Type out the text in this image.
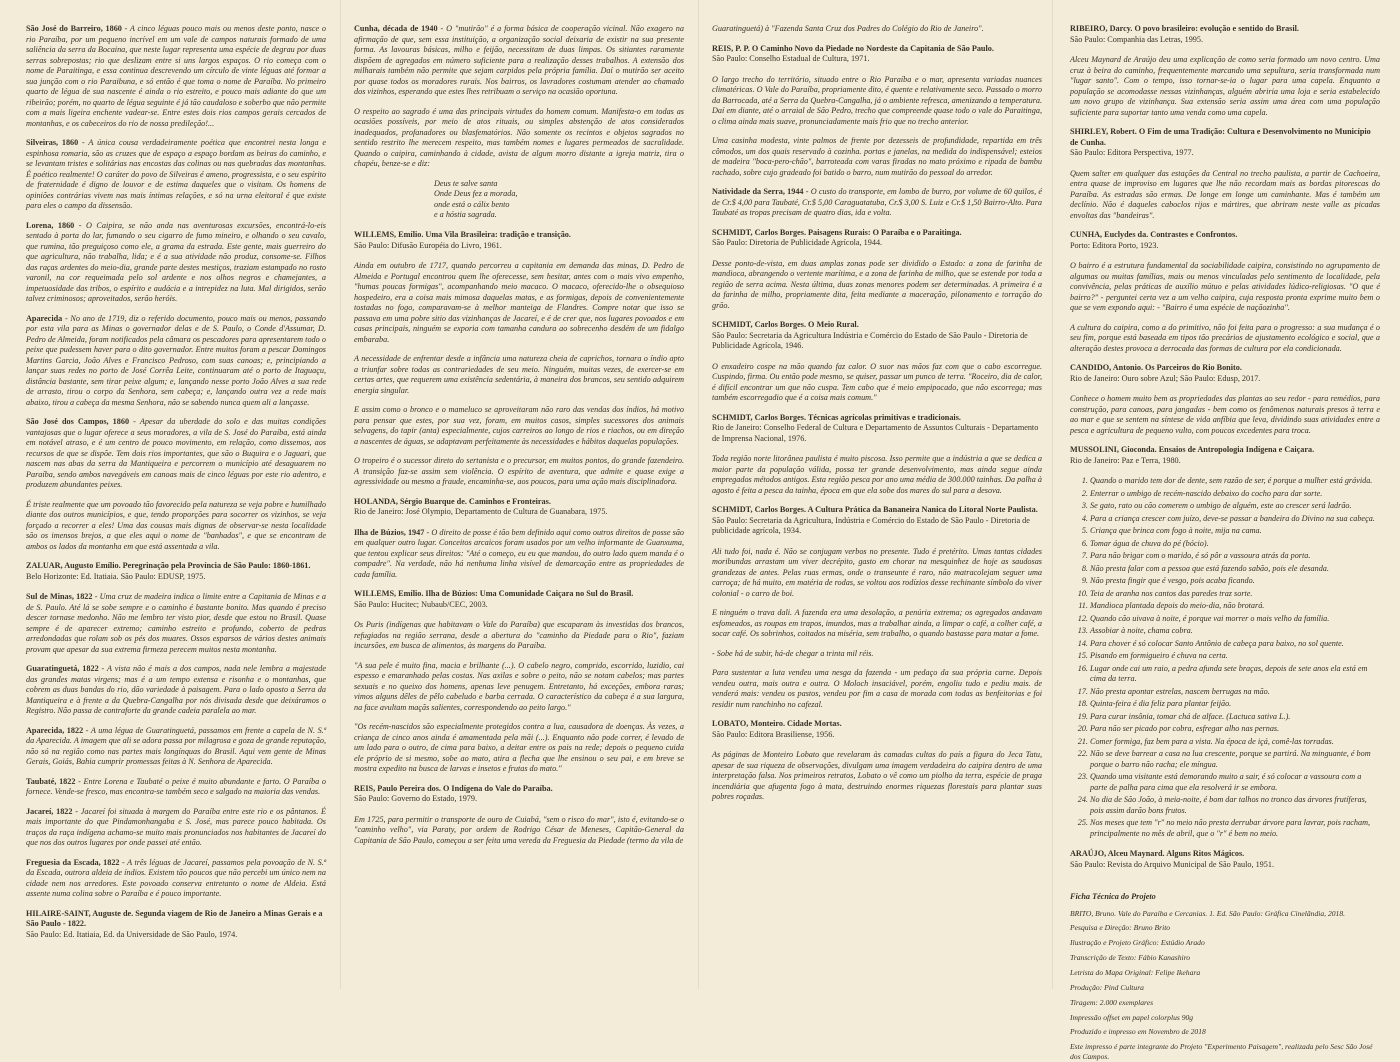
São José do Barreiro, 1860 - A cinco léguas pouco mais ou menos deste ponto, nasce o rio Paraíba, por um pequeno incrível em um vale de campos naturais formado de uma saliência da serra da Bocaina, que neste lugar representa uma espécie de degrau por duas serras sobrepostas; rio que deslizam entre si uns largos espaços. O rio começa com o nome de Paraitinga, e essa continua descrevendo um círculo de vinte léguas até formar a sua junção com o rio Paraibuna, e só então é que toma o nome de Paraíba. No primeiro quarto de légua de sua nascente é ainda o rio estreito, e pouco mais adiante do que um ribeirão; porém, no quarto de légua seguinte é já tão caudaloso e soberbo que não permite com a mais ligeira enchente vadear-se. Entre estes dois rios campos gerais cercados de montanhas, e os cabeceiros do rio de nossa predileção!...

Silveiras, 1860 - A única cousa verdadeiramente poética que encontrei nesta longa e espinhosa romaria, são as cruzes que de espaço a espaço bordam as beiras do caminho, e se levantam tristes e solitárias nas encostas das colinas ou nas quebradas das montanhas. É poético realmente! O caráter do povo de Silveiras é ameno, progressista, e o seu espírito de fraternidade é digno de louvor e de estima daqueles que o visitam. Os homens de opiniões contrárias vivem nas mais íntimas relações, e só na urna eleitoral é que existe para eles o campo da dissensão.

Lorena, 1860 - O Caipira, se não anda nas aventurosas excursões, encontrá-lo-eis sentado à porta do lar, fumando o seu cigarro de fumo mineiro, e olhando o seu cavalo, que rumina, tão preguiçoso como ele, a grama da estrada. Este gente, mais guerreiro do que agricultura, não trabalha, lida; e é a sua atividade não produz, consome-se. Filhos das raças ardentes do meio-dia, grande parte destes mestiços, traziam estampado no rosto varonil, na cor requeimada pelo sol ardente e nos olhos negros e chamejantes, a impetuosidade das tribos, o espírito e audácia e a intrepidez na luta. Mal dirigidos, serão talvez criminosos; aproveitados, serão heróis.

Aparecida - No ano de 1719, diz o referido documento, pouco mais ou menos, passando por esta vila para as Minas o governador delas e de S. Paulo, o Conde d'Assumar, D. Pedro de Almeida, foram notificados pela câmara os pescadores para apresentarem todo o peixe que pudessem haver para o dito governador. Entre muitos foram a pescar Domingos Martins Garcia, João Alves e Francisco Pedroso, com suas canoas; e, principiando a lançar suas redes no porto de José Corrêa Leite, continuaram até o porto de Itaguaçu, distância bastante, sem tirar peixe algum; e, lançando nesse porto João Alves a sua rede de arrasto, tirou o corpo da Senhora, sem cabeça; e, lançando outra vez a rede mais abaixo, tirou a cabeça da mesma Senhora, não se sabendo nunca quem ali a lançasse.

São José dos Campos, 1860 - Apesar da uberdade do solo e das muitas condições vantajosas que o lugar oferece a seus moradores, a vila de S. José do Paraíba, está ainda em notável atraso, e é um centro de pouco movimento, em relação, como dissemos, aos recursos de que se dispõe. Tem dois rios importantes, que são o Buquira e o Jaguari, que nascem nas abas da serra da Mantiqueira e percorrem o município até desaguarem no Paraíba, sendo ambos navegáveis em canoas mais de cinco léguas por este rio adentro, e produzem abundantes peixes.

É triste realmente que um povoado tão favorecido pela natureza se veja pobre e humilhado diante dos outros municípios, e que, tendo proporções para socorrer os vizinhos, se veja forçado a recorrer a eles! Uma das cousas mais dignas de observar-se nesta localidade são os imensos brejos, a que eles aqui o nome de "banhados", e que se encontram de ambos os lados da montanha em que está assentada a vila.

ZALUAR, Augusto Emílio. Peregrinação pela Província de São Paulo: 1860-1861.
Belo Horizonte: Ed. Itatiaia. São Paulo: EDUSP, 1975.

Sul de Minas, 1822 - Uma cruz de madeira indica o limite entre a Capitania de Minas e a de S. Paulo. Até lá se sobe sempre e o caminho é bastante bonito. Mas quando é preciso descer tornase medonho. Não me lembro ter visto pior, desde que estou no Brasil. Quase sempre é de aparecer extremo; caminho estreito e profundo, coberto de pedras arredondadas que rolam sob os pés dos muares. Ossos esparsos de vários destes animais provam que apesar da sua extrema firmeza perecem muitos nesta montanha.

Guaratinguetá, 1822 - A vista não é mais a dos campos, nada nele lembra a majestade das grandes matas virgens; mas é a um tempo extensa e risonha e o montanhas, que cobrem as duas bandas do rio, dão variedade à paisagem. Para o lado oposto a Serra da Mantiqueira e à frente a da Quebra-Cangalha por nós divisada desde que deixáramos o Registro. Não passa de contraforte da grande cadeia paralela ao mar.

Aparecida, 1822 - A uma légua de Guaratinguetá, passamos em frente a capela de N. S.ª da Aparecida. A imagem que ali se adora passa por milagrosa e goza de grande reputação, não só na região como nas partes mais longínquas do Brasil. Aqui vem gente de Minas Gerais, Goiás, Bahia cumprir promessas feitas à N. Senhora de Aparecida.

Taubaté, 1822 - Entre Lorena e Taubaté o peixe é muito abundante e farto. O Paraíba o fornece. Vende-se fresco, mas encontra-se também seco e salgado na maioria das vendas.

Jacareí, 1822 - Jacareí foi situada à margem do Paraíba entre este rio e os pântanos. É mais importante do que Pindamonhangaba e S. José, mas parece pouco habitada. Os traços da raça indígena achamo-se muito mais pronunciados nos habitantes de Jacareí do que nos dos outros lugares por onde passei até então.

Freguesia da Escada, 1822 - A três léguas de Jacareí, passamos pela povoação de N. S.ª da Escada, outrora aldeia de índios. Existem tão poucos que não percebi um único nem na cidade nem nos arredores. Este povoado conserva entretanto o nome de Aldeia. Está assente numa colina sobre o Paraíba e é pouco importante.

HILAIRE-SAINT, Auguste de. Segunda viagem de Rio de Janeiro a Minas Gerais e a São Paulo - 1822.
São Paulo: Ed. Itatiaia, Ed. da Universidade de São Paulo, 1974.

Cunha, década de 1940 - O "mutirão" é a forma básica de cooperação vicinal. Não exagero na afirmação de que, sem essa instituição, a organização social deixaria de existir na sua presente forma. As lavouras básicas, milho e feijão, necessitam de duas limpas. Os sitiantes raramente dispõem de agregados em número suficiente para a realização desses trabalhos. A extensão dos milharais também não permite que sejam carpidos pela própria família. Daí o mutirão ser aceito por quase todos os moradores rurais. Nos bairros, os lavradores costumam atender ao chamado dos vizinhos, esperando que estes lhes retribuam o serviço na ocasião oportuna.

O respeito ao sagrado é uma das principais virtudes do homem comum. Manifesta-o em todas as ocasiões possíveis, por meio de atos rituais, ou simples abstenção de atos considerados inadequados, profanadores ou blasfematórios. Não somente os recintos e objetos sagrados no sentido restrito lhe merecem respeito, mas também nomes e lugares permeados de sacralidade. Quando o caipira, caminhando à cidade, avista de algum morro distante a igreja matriz, tira o chapéu, benze-se e diz:

Deus te salve santa
Onde Deus fez a morada,
onde está o cálix bento
e a hóstia sagrada.
WILLEMS, Emílio. Uma Vila Brasileira: tradição e transição.
São Paulo: Difusão Européia do Livro, 1961.

Ainda em outubro de 1717, quando percorreu a capitania em demanda das minas, D. Pedro de Almeida e Portugal encontrou quem lhe oferecesse, sem hesitar, antes com o mais vivo empenho, "humas poucas formigas", acompanhando meio macaco. O macaco, oferecido-lhe o obsequioso hospedeiro, era a coisa mais mimosa daquelas matas, e as formigas, depois de convenientemente tostadas no fogo, comparavam-se à melhor manteiga de Flandres. Compre notar que isso se passava em uma pobre sitio das vizinhanças de Jacareí, e é de crer que, nos lugares povoados e em casas principais, ninguém se exporia com tamanha candura ao sobrecenho desdém de um fidalgo embaraba.

A necessidade de enfrentar desde a infância uma natureza cheia de caprichos, tornara o índio apto a triunfar sobre todas as contrariedades de seu meio. Ninguém, muitas vezes, de exercer-se em certas artes, que requerem uma existência sedentária, à maneira dos brancos, seu sentido adquirem energia singular.

E assim como o bronco e o mameluco se aproveitaram não raro das vendas dos índios, há motivo para pensar que estes, por sua vez, foram, em muitos casos, simples sucessores dos animais selvagens, do tapir (anta) especialmente, cujos carreiros ao longo de rios e riachos, ou em direção a nascentes de águas, se adaptavam perfeitamente às necessidades e hábitos daquelas populações.

O tropeiro é o sucessor direto do sertanista e o precursor, em muitos pontos, do grande fazendeiro. A transição faz-se assim sem violência. O espírito de aventura, que admite e quase exige a agressividade ou mesmo a fraude, encaminha-se, aos poucos, para uma ação mais disciplinadora.

HOLANDA, Sérgio Buarque de. Caminhos e Fronteiras.
Rio de Janeiro: José Olympio, Departamento de Cultura de Guanabara, 1975.

Ilha de Búzios, 1947 - O direito de posse é tão bem definido aqui como outros direitos de posse são em qualquer outro lugar. Conceitos arcaicos foram usados por um velho informante de Guanxuma, que tentou explicar seus direitos: "Até o começo, eu eu que mandou, do outro lado quem manda é o compadre". Na verdade, não há nenhuma linha visível de demarcação entre as propriedades de cada família.

WILLEMS, Emílio. Ilha de Búzios: Uma Comunidade Caiçara no Sul do Brasil.
São Paulo: Hucitec; Nubaub/CEC, 2003.

Os Puris (indígenas que habitavam o Vale do Paraíba) que escaparam às investidas dos brancos, refugiados na região serrana, desde a abertura do "caminho da Piedade para o Rio", faziam incursões, em busca de alimentos, às margens do Paraíba.

"A sua pele é muito fina, macia e brilhante (...). O cabelo negro, comprido, escorrido, luzidio, cai espesso e emaranhado pelas costas. Nas axilas e sobre o peito, não se notam cabelos; mas partes sexuais e no queixo dos homens, apenas leve penugem. Entretanto, há exceções, embora raras; vimos alguns dêles de pêlo cabeludo e barba cerrada. O característico da cabeça é a sua largura, na face avultam maçãs salientes, correspondendo ao peito largo."

"Os recém-nascidos são especialmente protegidos contra a lua, causadora de doenças. Às vezes, a criança de cinco anos ainda é amamentada pela mãi (...). Enquanto não pode correr, é levado de um lado para o outro, de cima para baixo, a deitar entre os pais na rede; depois o pequeno cuida ele próprio de si mesmo, sobe ao mato, atira a flecha que lhe ensinou o seu pai, e em breve se mostra expedito na busca de larvas e insetos e frutas do mato."

REIS, Paulo Pereira dos. O Indígena do Vale do Paraíba.
São Paulo: Governo do Estado, 1979.

Em 1725, para permitir o transporte de ouro de Cuiabá, "sem o risco do mar", isto é, evitando-se o "caminho velho", via Paraty, por ordem de Rodrigo César de Meneses, Capitão-General da Capitania de São Paulo, começou a ser feita uma vereda da Freguesia da Piedade (termo da vila de

Guaratinguetá) à "Fazenda Santa Cruz dos Padres do Colégio do Rio de Janeiro".

REIS, P. P. O Caminho Novo da Piedade no Nordeste da Capitania de São Paulo.
São Paulo: Conselho Estadual de Cultura, 1971.

O largo trecho do território, situado entre o Rio Paraíba e o mar, apresenta variadas nuances climatéricas. O Vale do Paraíba, propriamente dito, é quente e relativamente seco. Passado o morro da Barrocada, até a Serra da Quebra-Cangalha, já o ambiente refresca, amenizando a temperatura. Daí em diante, até o arraial de São Pedro, trecho que compreende quase todo o vale do Paraitinga, o clima ainda mais suave, pronunciadamente mais frio que no trecho anterior.

Uma casinha modesta, vinte palmos de frente por dezesseis de profundidade, repartida em três cômodos, um dos quais reservado à cozinha. portas e janelas, na medida do indispensável; esteios de madeira "boca-pero-chão", barroteada com varas firadas no mato próximo e ripada de bambu rachado, sobre cujo gradeado foi batido o barro, num mutirão do pessoal do arredor.

Natividade da Serra, 1944 - O custo do transporte, em lombo de burro, por volume de 60 quilos, é de Cr.$ 4,00 para Taubaté, Cr.$ 5,00 Caraguatatuba, Cr.$ 3,00 S. Luiz e Cr.$ 1,50 Bairro-Alto. Para Taubaté as tropas precisam de quatro dias, ida e volta.

SCHMIDT, Carlos Borges. Paisagens Rurais: O Paraíba e o Paraitinga.
São Paulo: Diretoria de Publicidade Agrícola, 1944.

Desse ponto-de-vista, em duas amplas zonas pode ser dividido o Estado: a zona de farinha de mandioca, abrangendo o vertente marítima, e a zona de farinha de milho, que se estende por toda a região de serra acima. Nesta última, duas zonas menores podem ser determinadas. A primeira é a da farinha de milho, propriamente dita, feita mediante a maceração, pilonamento e torração do grão.

SCHMIDT, Carlos Borges. O Meio Rural.
São Paulo: Secretaria da Agricultura Indústria e Comércio do Estado de São Paulo - Diretoria de Publicidade Agrícola, 1946.

O enxadeiro cospe na mão quando faz calor. O suor nas mãos faz com que o cabo escorregue. Cuspindo, firma. Ou então pode mesmo, se quiser, passar um punco de terra. "Roceiro, dia de calor, é difícil encontrar um que não cuspa. Tem cabo que é meio empipocado, que não escorrega; mas também escorregadio que é a coisa mais comum."

SCHMIDT, Carlos Borges. Técnicas agrícolas primitivas e tradicionais.
Rio de Janeiro: Conselho Federal de Cultura e Departamento de Assuntos Culturais - Departamento de Imprensa Nacional, 1976.

Toda região norte litorânea paulista é muito piscosa. Isso permite que a indústria a que se dedica a maior parte da população válida, possa ter grande desenvolvimento, mas ainda segue ainda empregados métodos antigos. Esta região pesca por ano uma média de 300.000 tainhas. Da palha à agosto é feita a pesca da tainha, época em que ela sobe dos mares do sul para a desova.

SCHMIDT, Carlos Borges. A Cultura Prática da Bananeira Nanica do Litoral Norte Paulista.
São Paulo: Secretaria da Agricultura, Indústria e Comércio do Estado de São Paulo - Diretoria de publicidade agrícola, 1934.

Ali tudo foi, nada é. Não se conjugam verbos no presente. Tudo é pretérito. Umas tantas cidades moribundas arrastam um viver decrépito, gasto em chorar na mesquinhez de hoje as saudosas grandezas de antes. Pelas ruas ermas, onde o transeunte é raro, não matracolejam seguer uma carroça; de há muito, em matéria de rodas, se voltou aos rodízios desse rechinante símbolo do viver colonial - o carro de boi.

E ninguém o trava dali. A fazenda era uma desolação, a penúria extrema; os agregados andavam esfomeados, as roupas em trapos, imundos, mas a trabalhar ainda, a limpar o café, a colher café, a socar café. Os sobrinhos, coitados na miséria, sem trabalho, o quando bastasse para matar a fome.

- Sobe há de subir, há-de chegar a trinta mil réis.

Para sustentar a luta vendeu uma nesga da fazenda - um pedaço da sua própria carne. Depois vendeu outra, mais outra e outra. O Moloch insaciável, porém, engoliu tudo e pediu mais. de venderá mais: vendeu os pastos, vendeu por fim a casa de morada com todas as benfeitorias e foi residir num ranchinho no cafezal.

LOBATO, Monteiro. Cidade Mortas.
São Paulo: Editora Brasiliense, 1956.

As páginas de Monteiro Lobato que revelaram às camadas cultas do país a figura do Jeca Tatu, apesar de sua riqueza de observações, divulgam uma imagem verdadeira do caipira dentro de uma interpretação falsa. Nos primeiros retratos, Lobato o vê como um piolho da terra, espécie de praga incendiária que afugenta fogo à mata, destruindo enormes riquezas florestais para plantar suas pobres roçadas.

RIBEIRO, Darcy. O povo brasileiro: evolução e sentido do Brasil.
São Paulo: Companhia das Letras, 1995.

Alceu Maynard de Araújo deu uma explicação de como seria formado um novo centro. Uma cruz à beira do caminho, frequentemente marcando uma sepultura, seria transformada num "lugar santo". Com o tempo, isso tornar-se-ia o lugar para uma capela. Enquanto a população se acomodasse nessas vizinhanças, alguém abriria uma loja e seria estabelecido um novo grupo de vizinhança. Sua extensão seria assim uma área com uma população suficiente para suportar tanto uma venda como uma capela.

SHIRLEY, Robert. O Fim de uma Tradição: Cultura e Desenvolvimento no Município de Cunha.
São Paulo: Editora Perspectiva, 1977.

Quem salter em qualquer das estações da Central no trecho paulista, a partir de Cachoeira, entra quase de improviso em lugares que lhe não recordam mais as bordas pitorescas do Paraíba. As estradas são ermas. De longe em longe um caminhante. Mas é também um declínio. Não é daqueles caboclos rijos e mártires, que abriram neste valle as picadas envoltas das "bandeiras".

CUNHA, Euclydes da. Contrastes e Confrontos.
Porto: Editora Porto, 1923.

O bairro é a estrutura fundamental da sociabilidade caipira, consistindo no agrupamento de algumas ou muitas famílias, mais ou menos vinculadas pelo sentimento de localidade, pela convivência, pelas práticas de auxílio mútuo e pelas atividades lúdico-religiosas. "O que é bairro?" - perguntei certa vez a um velho caipira, cuja resposta pronta exprime muito bem o que se vem expondo aqui: - "Bairro é uma espécie de naçãozinha".

A cultura do caipira, como a do primitivo, não foi feita para o progresso: a sua mudança é o seu fim, porque está baseada em tipos tão precários de ajustamento ecológico e social, que a alteração destes provoca a derrocada das formas de cultura por ela condicionada.

CANDIDO, Antonio. Os Parceiros do Rio Bonito.
Rio de Janeiro: Ouro sobre Azul; São Paulo: Edusp, 2017.

Conhece o homem muito bem as propriedades das plantas ao seu redor - para remédios, para construção, para canoas, para jangadas - bem como os fenômenos naturais presos à terra e ao mar e que se sentem na síntese de vida anfíbia que leva, dividindo suas atividades entre a pesca e agricultura de pequeno vulto, com poucos excedentes para troca.

MUSSOLINI, Gioconda. Ensaios de Antropologia Indígena e Caiçara.
Rio de Janeiro: Paz e Terra, 1980.
1. Quando o marido tem dor de dente, sem razão de ser, é porque a mulher está grávida.
2. Enterrar o umbigo de recém-nascido debaixo do cocho para dar sorte.
3. Se gato, rato ou cão comerem o umbigo de alguém, este ao crescer será ladrão.
4. Para a criança crescer com juízo, deve-se passar a bandeira do Divino na sua cabeça.
5. Criança que brinca com fogo à noite, mija na cama.
6. Tomar água de chuva do pé (bócio).
7. Para não brigar com o marido, é só pôr a vassoura atrás da porta.
8. Não presta falar com a pessoa que está fazendo sabão, pois ele desanda.
9. Não presta fingir que é vesgo, pois acaba ficando.
10. Teia de aranha nos cantos das paredes traz sorte.
11. Mandioca plantada depois do meio-dia, não brotará.
12. Quando cão uivava à noite, é porque vai morrer o mais velho da família.
13. Assobiar à noite, chama cobra.
14. Para chover é só colocar Santo Antônio de cabeça para baixo, no sol quente.
15. Pisando em formigueiro é chuva na certa.
16. Lugar onde cai um raio, a pedra afunda sete braças, depois de sete anos ela está em cima da terra.
17. Não presta apontar estrelas, nascem berrugas na mão.
18. Quinta-feira é dia feliz para plantar feijão.
19. Para curar insônia, tomar chá de alface. (Lactuca sativa L.).
20. Para não ser picado por cobra, esfregar alho nas pernas.
21. Comer formiga, faz bem para a vista. Na época de içá, comê-las torradas.
22. Não se deve barrear a casa na lua crescente, porque se partirá. Na minguante, é bom porque o barro não racha; ele míngua.
23. Quando uma visitante está demorando muito a sair, é só colocar a vassoura com a parte de palha para cima que ela resolverá ir se embora.
24. No dia de São João, à meia-noite, é bom dar talhos no tronco das árvores frutíferas, pois assim darão bons frutos.
25. Nos meses que tem "r" no meio não presta derrubar árvore para lavrar, pois racham, principalmente no mês de abril, que o "r" é bem no meio.
ARAÚJO, Alceu Maynard. Alguns Ritos Mágicos.
São Paulo: Revista do Arquivo Municipal de São Paulo, 1951.
Ficha Técnica do Projeto

BRITO, Bruno. Vale do Paraíba e Cercanias. 1. Ed. São Paulo: Gráfica Cinelândia, 2018.

Pesquisa e Direção: Bruno Brito

Ilustração e Projeto Gráfico: Estúdio Arado

Transcrição de Texto: Fábio Kanashiro

Letrista do Mapa Original: Felipe Ikehara

Produção: Pind Cultura

Tiragem: 2.000 exemplares

Impressão offset em papel colorplus 90g

Produzido e impresso em Novembro de 2018

Este impresso é parte integrante do Projeto "Experimento Paisagem", realizada pelo Sesc São José dos Campos.
